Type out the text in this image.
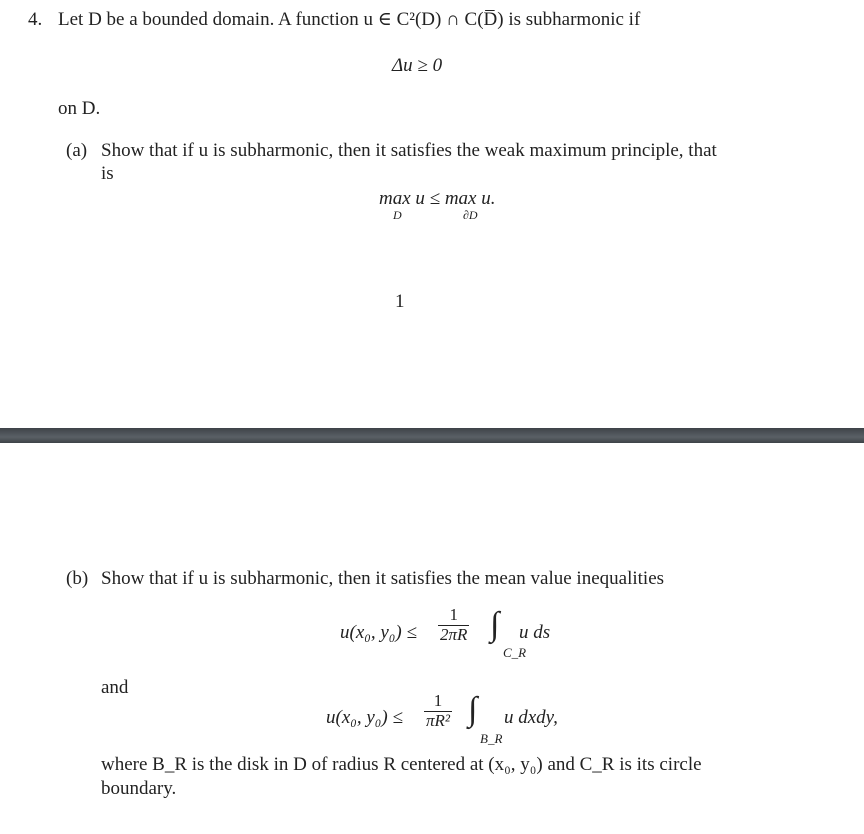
4. Let D be a bounded domain. A function u ∈ C²(D) ∩ C(D̅) is subharmonic if
Δu ≥ 0
on D.
(a) Show that if u is subharmonic, then it satisfies the weak maximum principle, that
is
max u ≤ max u.
D	∂D
1
(b) Show that if u is subharmonic, then it satisfies the mean value inequalities
u(x₀, $y_0) \le \frac{1}{2\pi R}$ ∫
C_R
u ds
and
u(x₀, $y_0) \le \frac{1}{\text{πR²}}$ ∫
B_R
u dxdy,
where B_R is the disk in D of radius R centered at (x₀, y₀) and C_R is its circle
boundary.
